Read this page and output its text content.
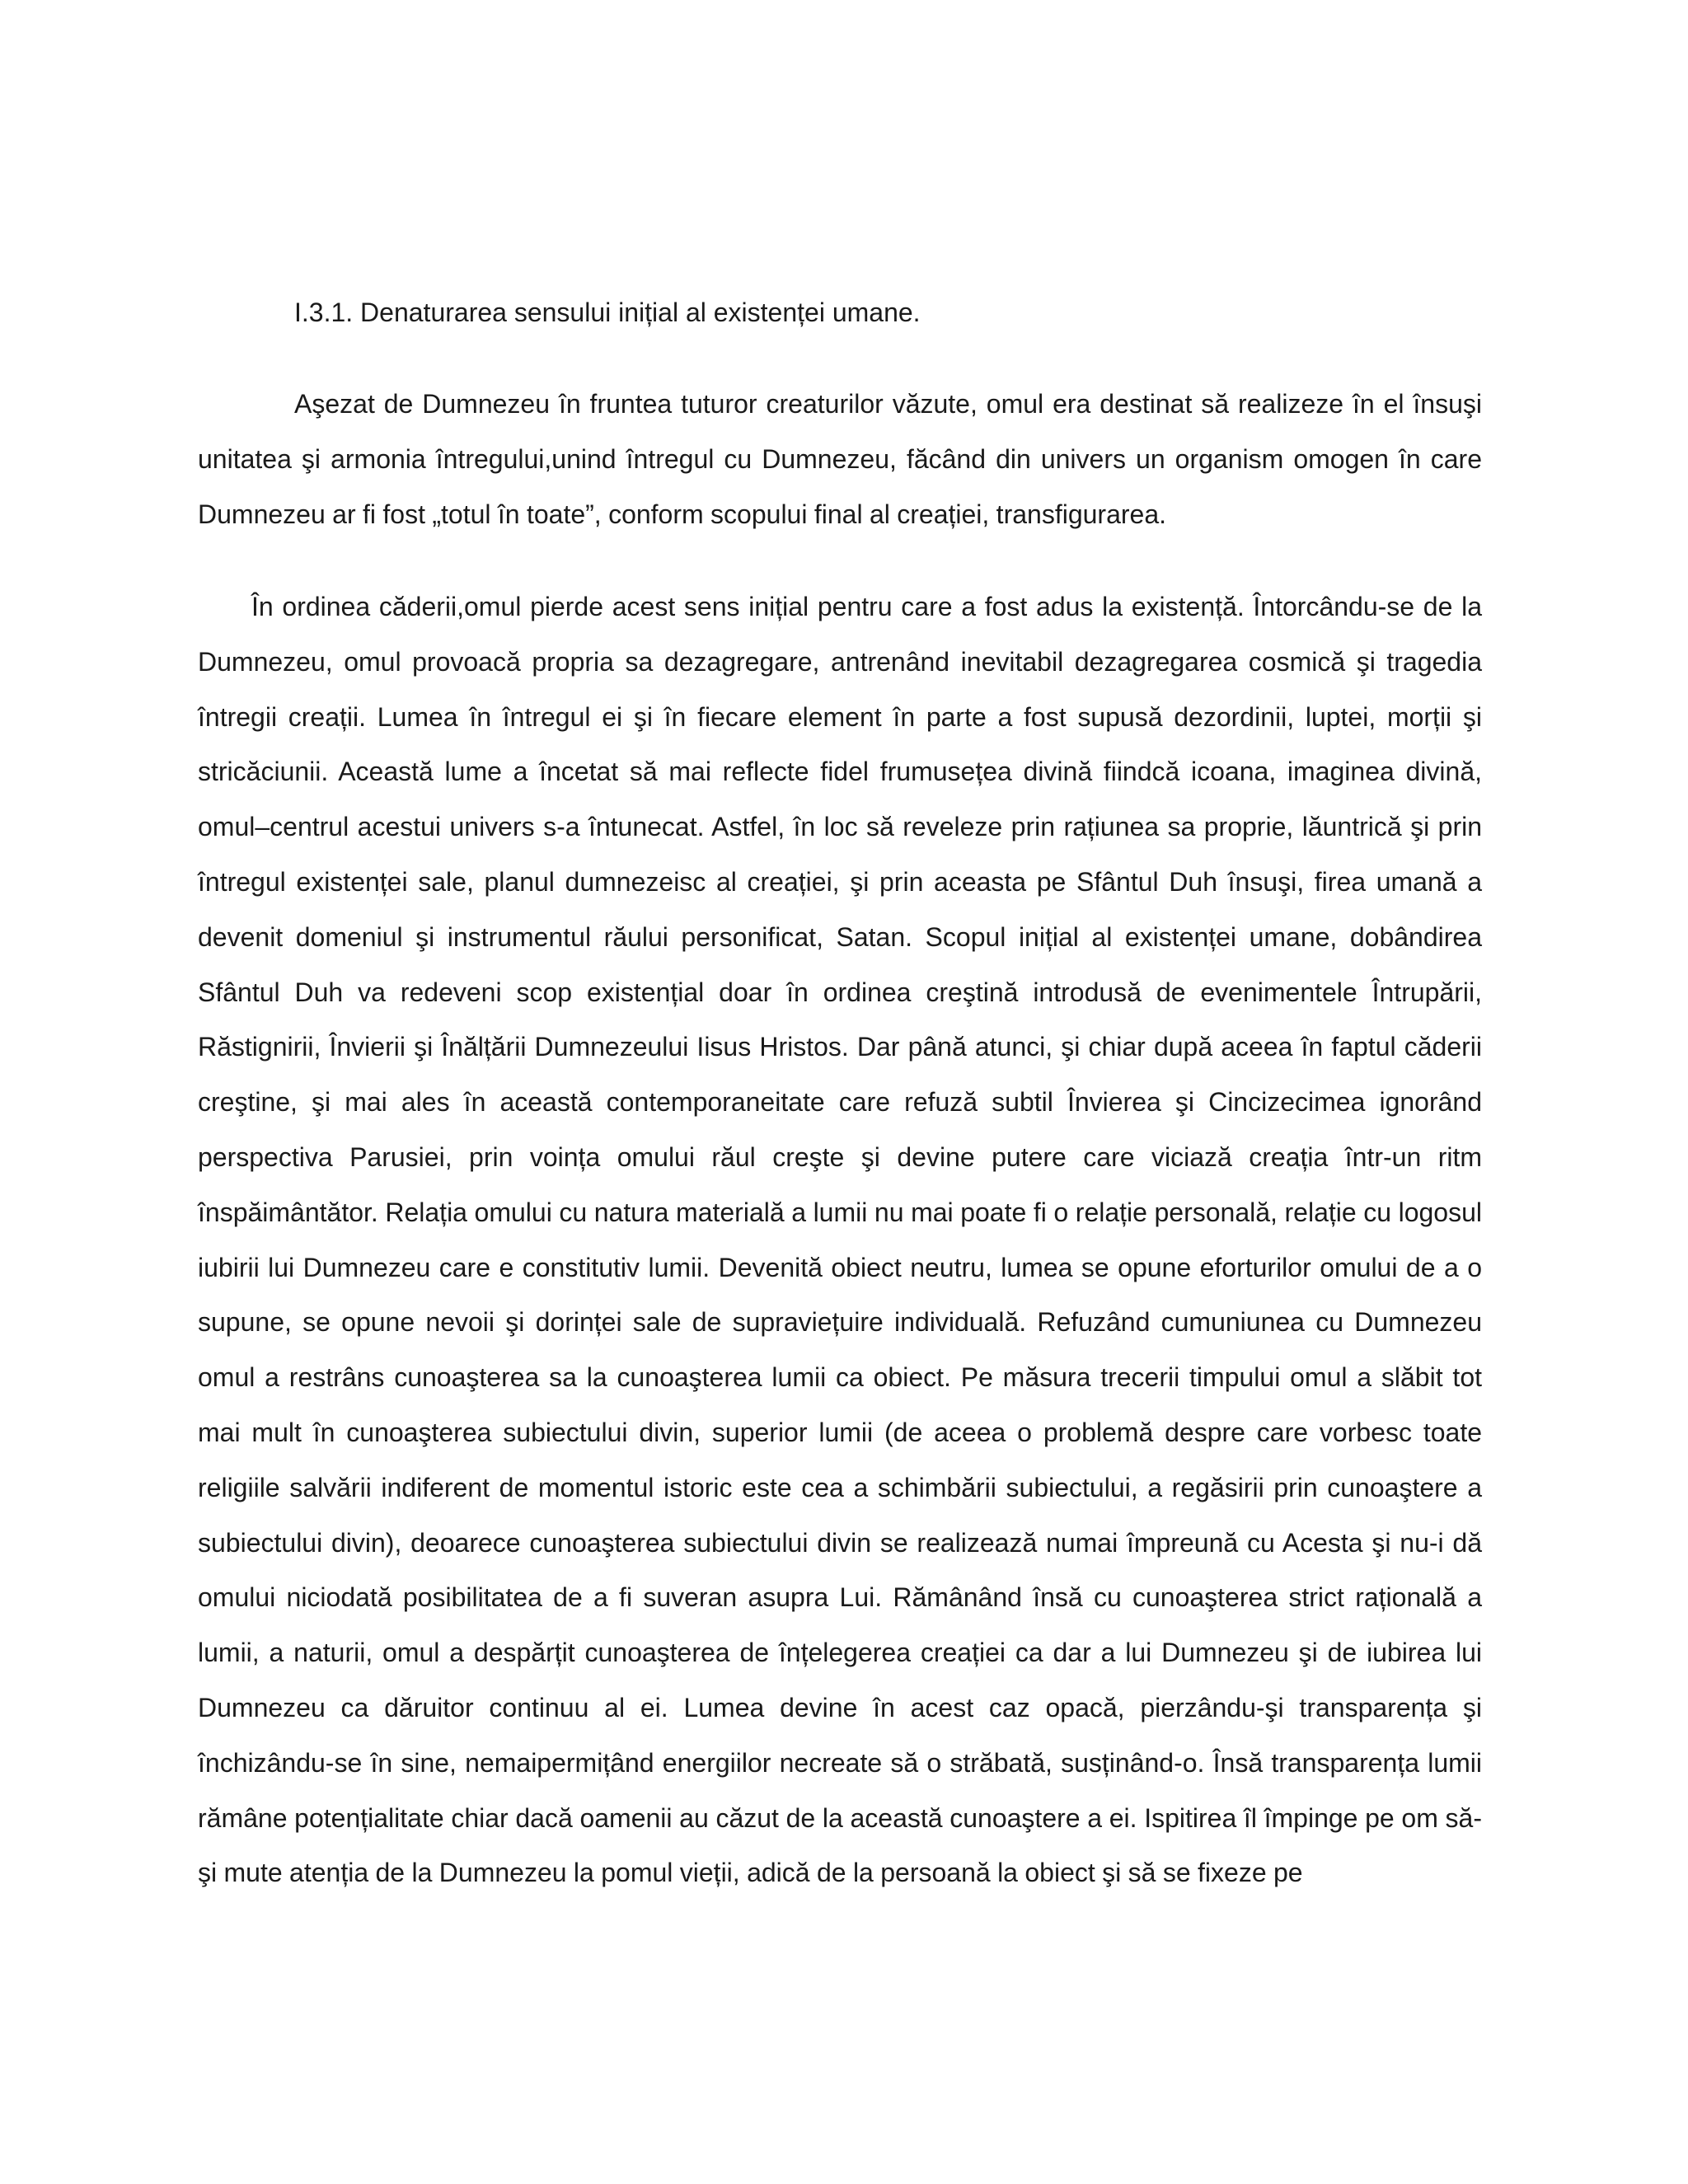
I.3.1. Denaturarea sensului inițial al existenței umane.

Aşezat de Dumnezeu în fruntea tuturor creaturilor văzute, omul era destinat să realizeze în el însuşi unitatea şi armonia întregului,unind întregul cu Dumnezeu, făcând din univers un organism omogen în care Dumnezeu ar fi fost „totul în toate”, conform scopului final al creației, transfigurarea.

În ordinea căderii,omul pierde acest sens inițial pentru care a fost adus la existență. Întorcându-se de la Dumnezeu, omul provoacă propria sa dezagregare, antrenând inevitabil dezagregarea cosmică şi tragedia întregii creații. Lumea în întregul ei şi în fiecare element în parte a fost supusă dezordinii, luptei, morții şi stricăciunii. Această lume a încetat să mai reflecte fidel frumusețea divină fiindcă icoana, imaginea divină, omul–centrul acestui univers s-a întunecat. Astfel, în loc să reveleze prin rațiunea sa proprie, lăuntrică şi prin întregul existenței sale, planul dumnezeisc al creației, şi prin aceasta pe Sfântul Duh însuşi, firea umană a devenit domeniul şi instrumentul răului personificat, Satan. Scopul inițial al existenței umane, dobândirea Sfântul Duh va redeveni scop existențial doar în ordinea creştină introdusă de evenimentele Întrupării, Răstignirii, Învierii şi Înălțării Dumnezeului Iisus Hristos. Dar până atunci, şi chiar după aceea în faptul căderii creştine, şi mai ales în această contemporaneitate care refuză subtil Învierea şi Cincizecimea ignorând perspectiva Parusiei, prin voința omului răul creşte şi devine putere care viciază creația într-un ritm înspăimântător. Relația omului cu natura materială a lumii nu mai poate fi o relație personală, relație cu logosul iubirii lui Dumnezeu care e constitutiv lumii. Devenită obiect neutru, lumea se opune eforturilor omului de a o supune, se opune nevoii şi dorinței sale de supraviețuire individuală. Refuzând cumuniunea cu Dumnezeu omul a restrâns cunoaşterea sa la cunoaşterea lumii ca obiect. Pe măsura trecerii timpului omul a slăbit tot mai mult în cunoaşterea subiectului divin, superior lumii (de aceea o problemă despre care vorbesc toate religiile salvării indiferent de momentul istoric este cea a schimbării subiectului, a regăsirii prin cunoaştere a subiectului divin), deoarece cunoaşterea subiectului divin se realizează numai împreună cu Acesta şi nu-i dă omului niciodată posibilitatea de a fi suveran asupra Lui. Rămânând însă cu cunoaşterea strict rațională a lumii, a naturii, omul a despărțit cunoaşterea de înțelegerea creației ca dar a lui Dumnezeu şi de iubirea lui Dumnezeu ca dăruitor continuu al ei. Lumea devine în acest caz opacă, pierzându-şi transparența şi închizându-se în sine, nemaipermițând energiilor necreate să o străbată, susținând-o. Însă transparența lumii rămâne potențialitate chiar dacă oamenii au căzut de la această cunoaştere a ei. Ispitirea îl împinge pe om să-şi mute atenția de la Dumnezeu la pomul vieții, adică de la persoană la obiect şi să se fixeze pe
